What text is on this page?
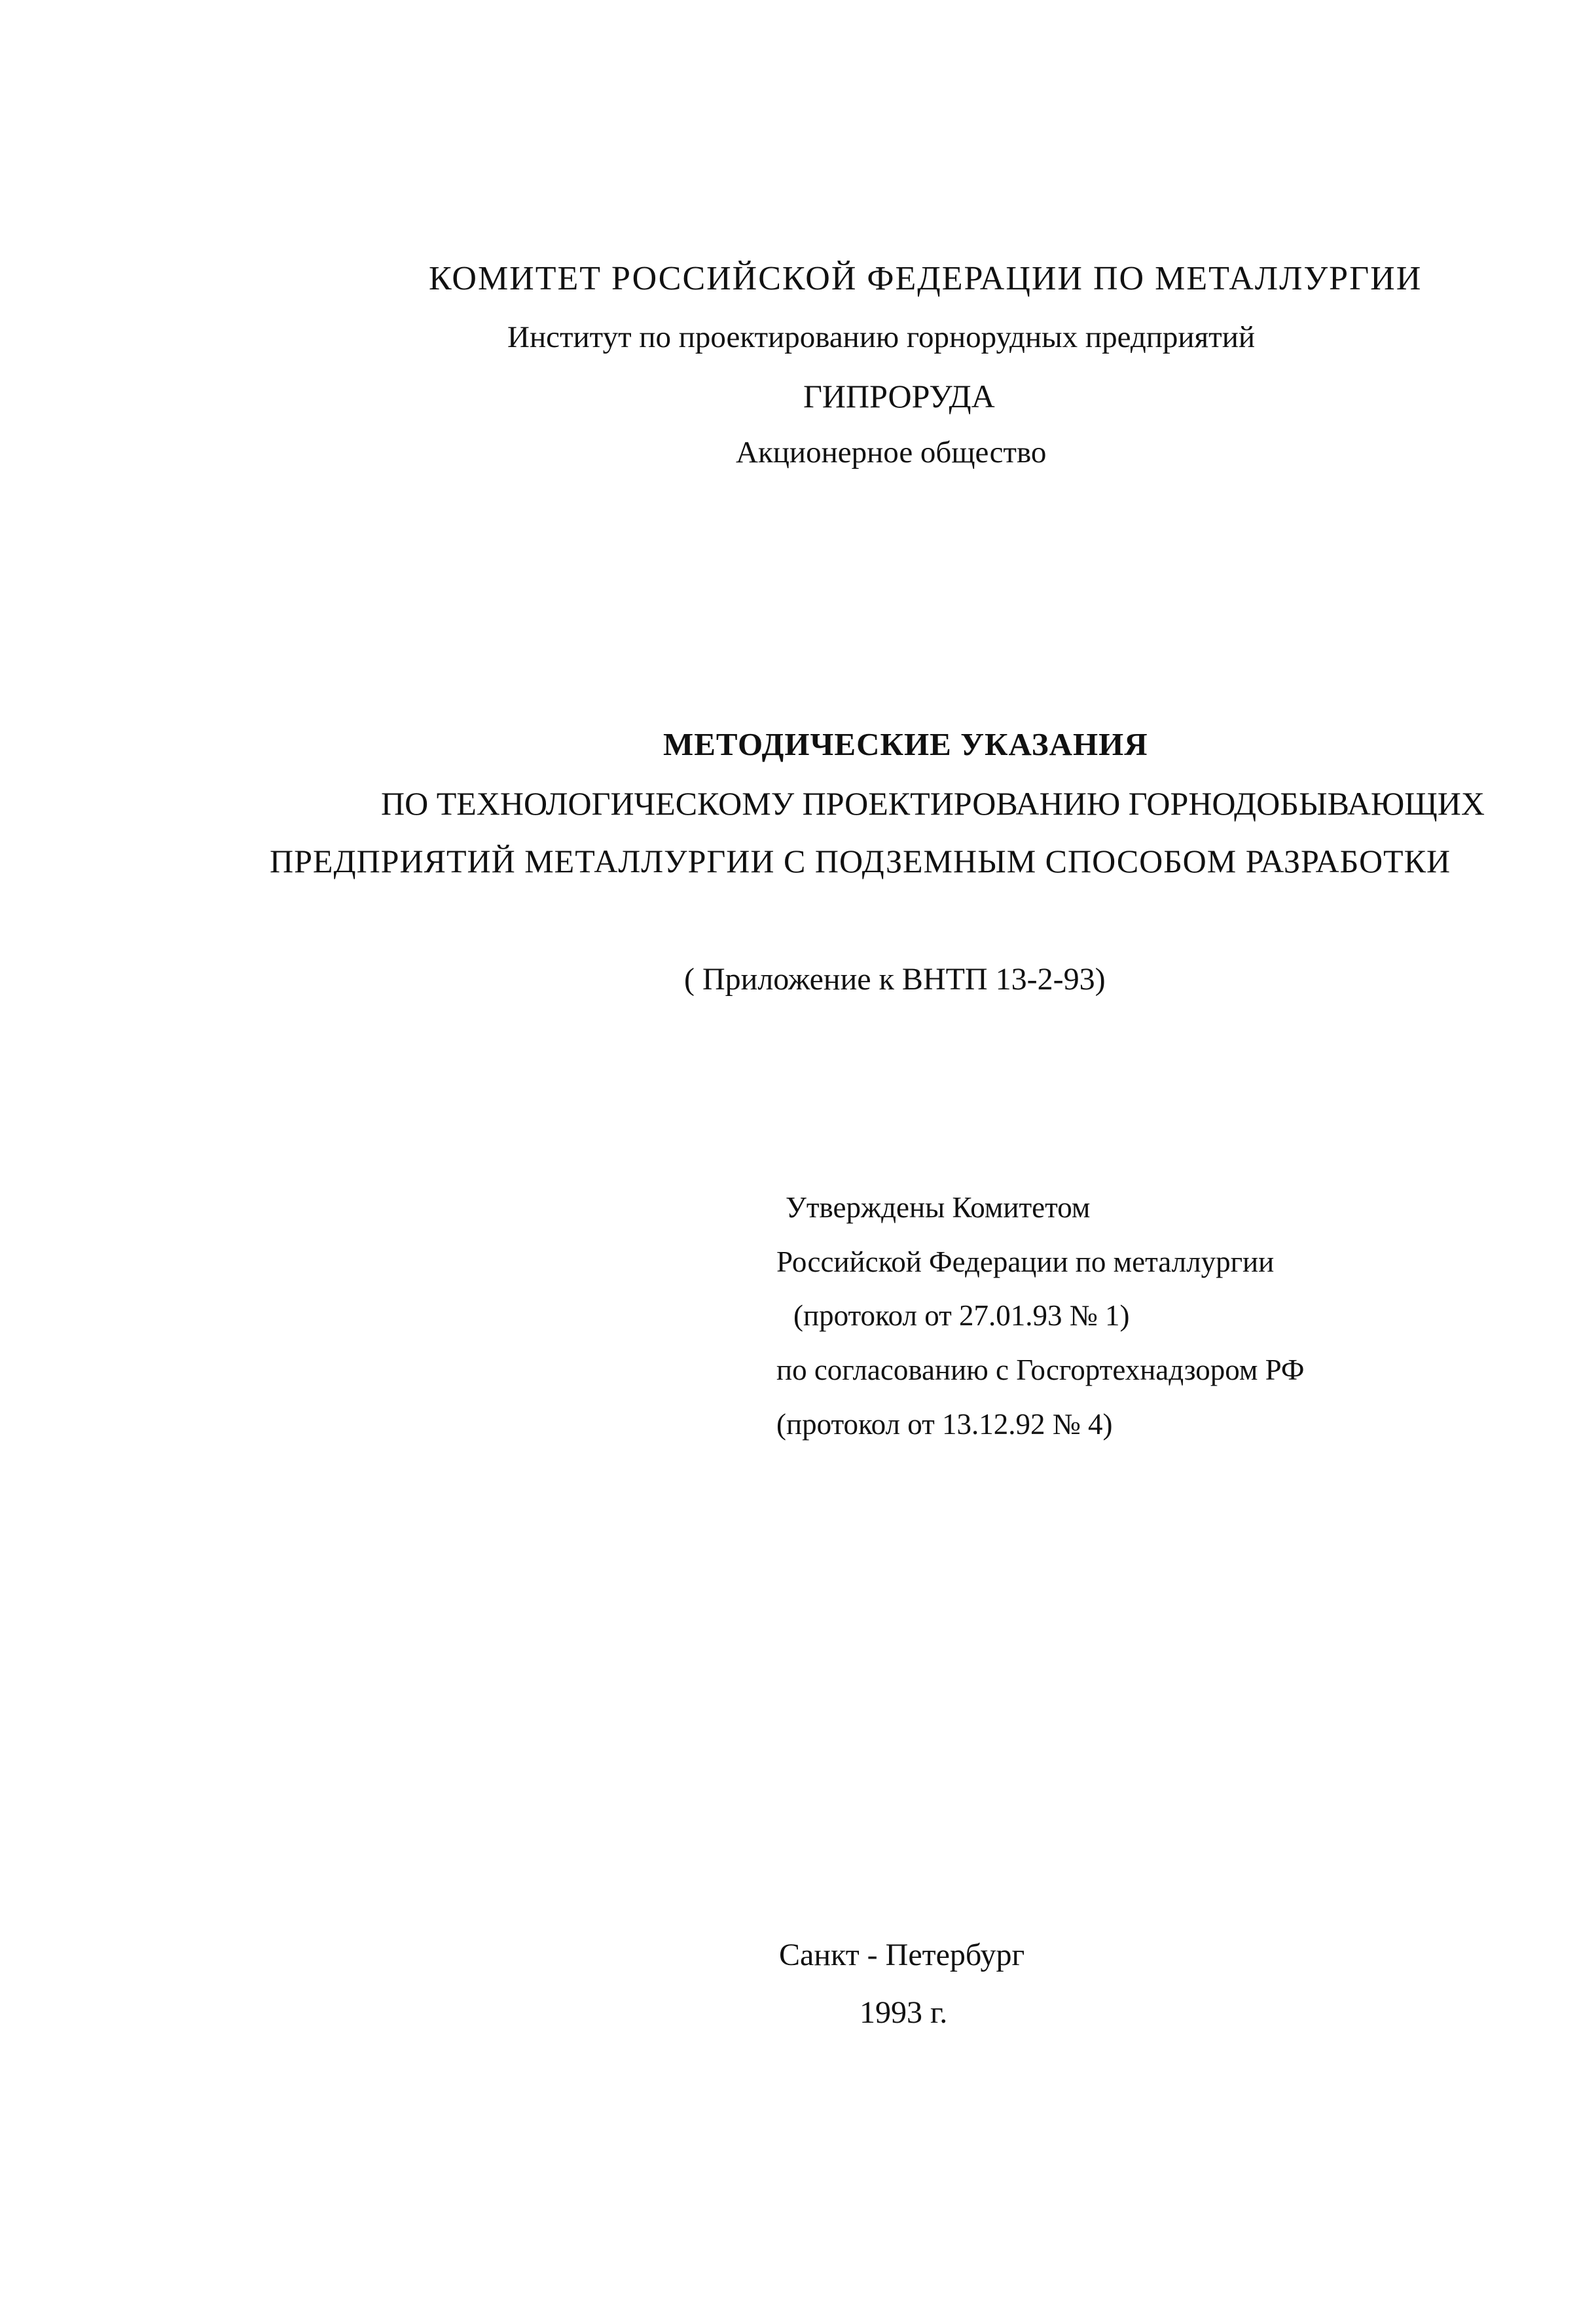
КОМИТЕТ РОССИЙСКОЙ ФЕДЕРАЦИИ ПО МЕТАЛЛУРГИИ
Институт по проектированию горнорудных предприятий
ГИПРОРУДА
Акционерное общество
МЕТОДИЧЕСКИЕ УКАЗАНИЯ
ПО ТЕХНОЛОГИЧЕСКОМУ ПРОЕКТИРОВАНИЮ ГОРНОДОБЫВАЮЩИХ
ПРЕДПРИЯТИЙ МЕТАЛЛУРГИИ С ПОДЗЕМНЫМ СПОСОБОМ РАЗРАБОТКИ
( Приложение к ВНТП 13-2-93)
Утверждены Комитетом
Российской Федерации по металлургии
(протокол от 27.01.93 № 1)
по согласованию с Госгортехнадзором РФ
(протокол от 13.12.92 № 4)
Санкт - Петербург
1993 г.
